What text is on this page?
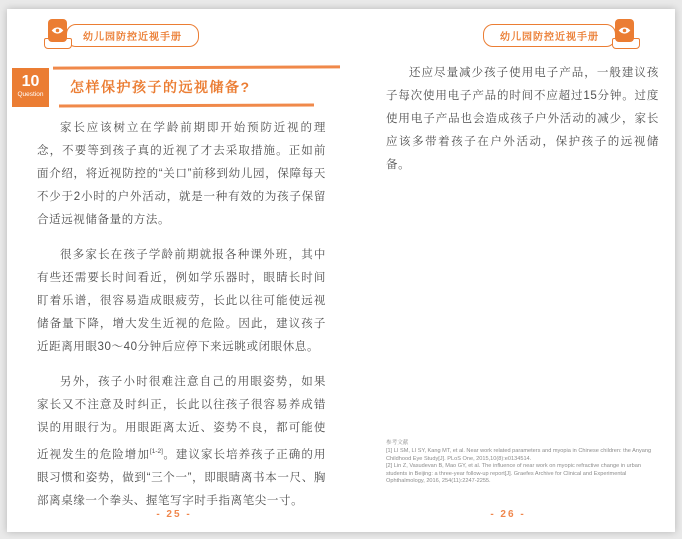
幼儿园防控近视手册
10
Question	怎样保护孩子的远视储备?

家长应该树立在学龄前期即开始预防近视的理念，不要等到孩子真的近视了才去采取措施。正如前面介绍，将近视防控的“关口”前移到幼儿园，保障每天不少于2小时的户外活动，就是一种有效的为孩子保留合适远视储备量的方法。

很多家长在孩子学龄前期就报各种课外班，其中有些还需要长时间看近，例如学乐器时，眼睛长时间盯着乐谱，很容易造成眼疲劳，长此以往可能使远视储备量下降，增大发生近视的危险。因此，建议孩子近距离用眼30～40分钟后应停下来远眺或闭眼休息。

另外，孩子小时很难注意自己的用眼姿势，如果家长又不注意及时纠正，长此以往孩子很容易养成错误的用眼行为。用眼距离太近、姿势不良，都可能使近视发生的危险增加[1-2]。建议家长培养孩子正确的用眼习惯和姿势，做到“三个一”，即眼睛离书本一尺、胸部离桌缘一个拳头、握笔写字时手指离笔尖一寸。

- 25 -
幼儿园防控近视手册

还应尽量减少孩子使用电子产品，一般建议孩子每次使用电子产品的时间不应超过15分钟。过度使用电子产品也会造成孩子户外活动的减少，家长应该多带着孩子在户外活动，保护孩子的远视储备。

参考文献
[1] LI SM, LI SY, Kang MT, et al. Near work related parameters and myopia in Chinese children: the Anyang Childhood Eye Study[J]. PLoS One, 2015,10(8):e0134514.
[2] Lin Z, Vasudevan B, Mao GY, et al. The influence of near work on myopic refractive change in urban students in Beijing: a three-year follow-up report[J]. Graefes Archive for Clinical and Experimental Ophthalmology, 2016, 254(11):2247-2255.
- 26 -
